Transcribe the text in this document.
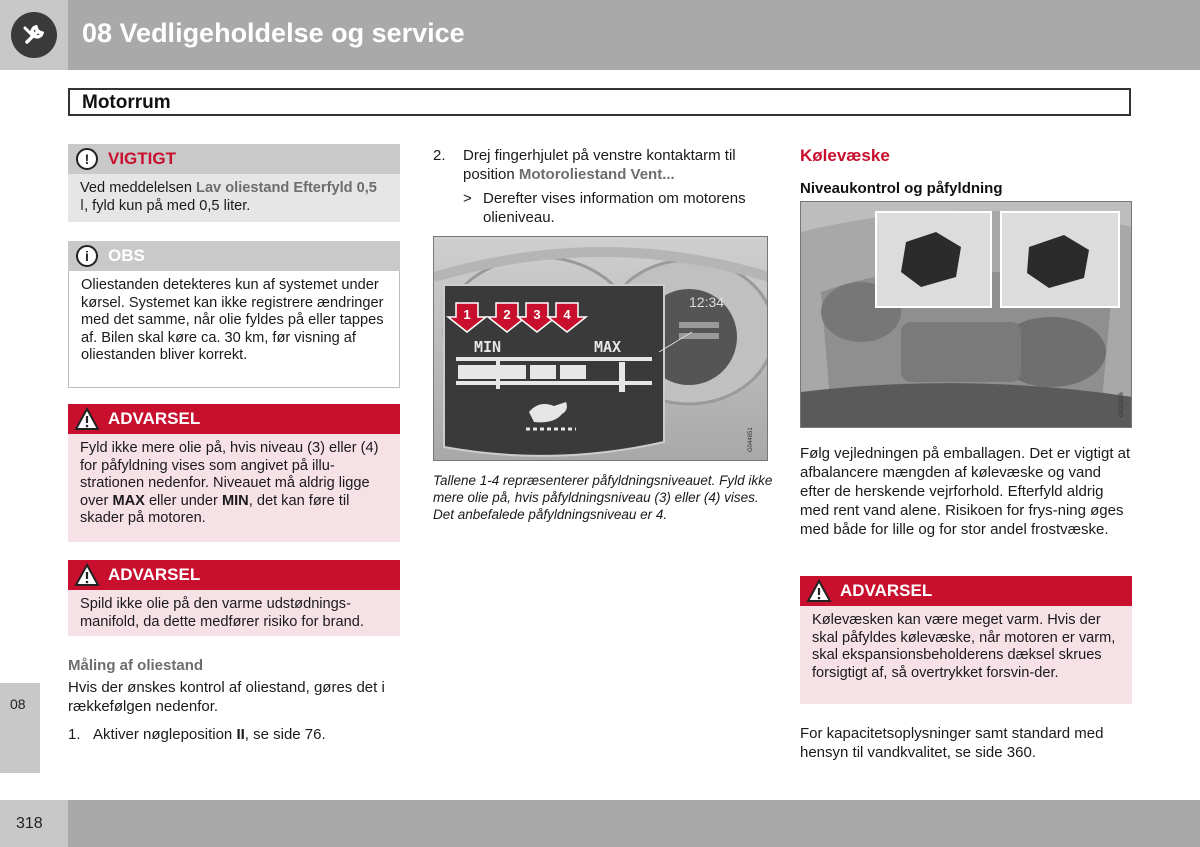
08 Vedligeholdelse og service
Motorrum
!	VIGTIGT
Ved meddelelsen Lav oliestand Efterfyld 0,5 l, fyld kun på med 0,5 liter.
i	OBS
Oliestanden detekteres kun af systemet under kørsel. Systemet kan ikke registrere ændringer med det samme, når olie fyldes på eller tappes af. Bilen skal køre ca. 30 km, før visning af oliestanden bliver korrekt.
ADVARSEL
Fyld ikke mere olie på, hvis niveau (3) eller (4) for påfyldning vises som angivet på illu-strationen nedenfor. Niveauet må aldrig ligge over MAX eller under MIN, det kan føre til skader på motoren.
ADVARSEL
Spild ikke olie på den varme udstødnings-manifold, da dette medfører risiko for brand.
Måling af oliestand
Hvis der ønskes kontrol af oliestand, gøres det i rækkefølgen nedenfor.
1. Aktiver nøgleposition II, se side 76.
2. Drej fingerhjulet på venstre kontaktarm til position Motoroliestand Vent...
> Derefter vises information om motorens olieniveau.
1	2 3 4
MIN	MAX
12:34
G044851
Tallene 1-4 repræsenterer påfyldningsniveauet. Fyld ikke mere olie på, hvis påfyldningsniveau (3) eller (4) vises. Det anbefalede påfyldningsniveau er 4.
Kølevæske
Niveaukontrol og påfyldning
G031916
Følg vejledningen på emballagen. Det er vigtigt at afbalancere mængden af kølevæske og vand efter de herskende vejrforhold. Efterfyld aldrig med rent vand alene. Risikoen for frys-ning øges med både for lille og for stor andel frostvæske.
ADVARSEL
Kølevæsken kan være meget varm. Hvis der skal påfyldes kølevæske, når motoren er varm, skal ekspansionsbeholderens dæksel skrues forsigtigt af, så overtrykket forsvin-der.
For kapacitetsoplysninger samt standard med hensyn til vandkvalitet, se side 360.
08
318
